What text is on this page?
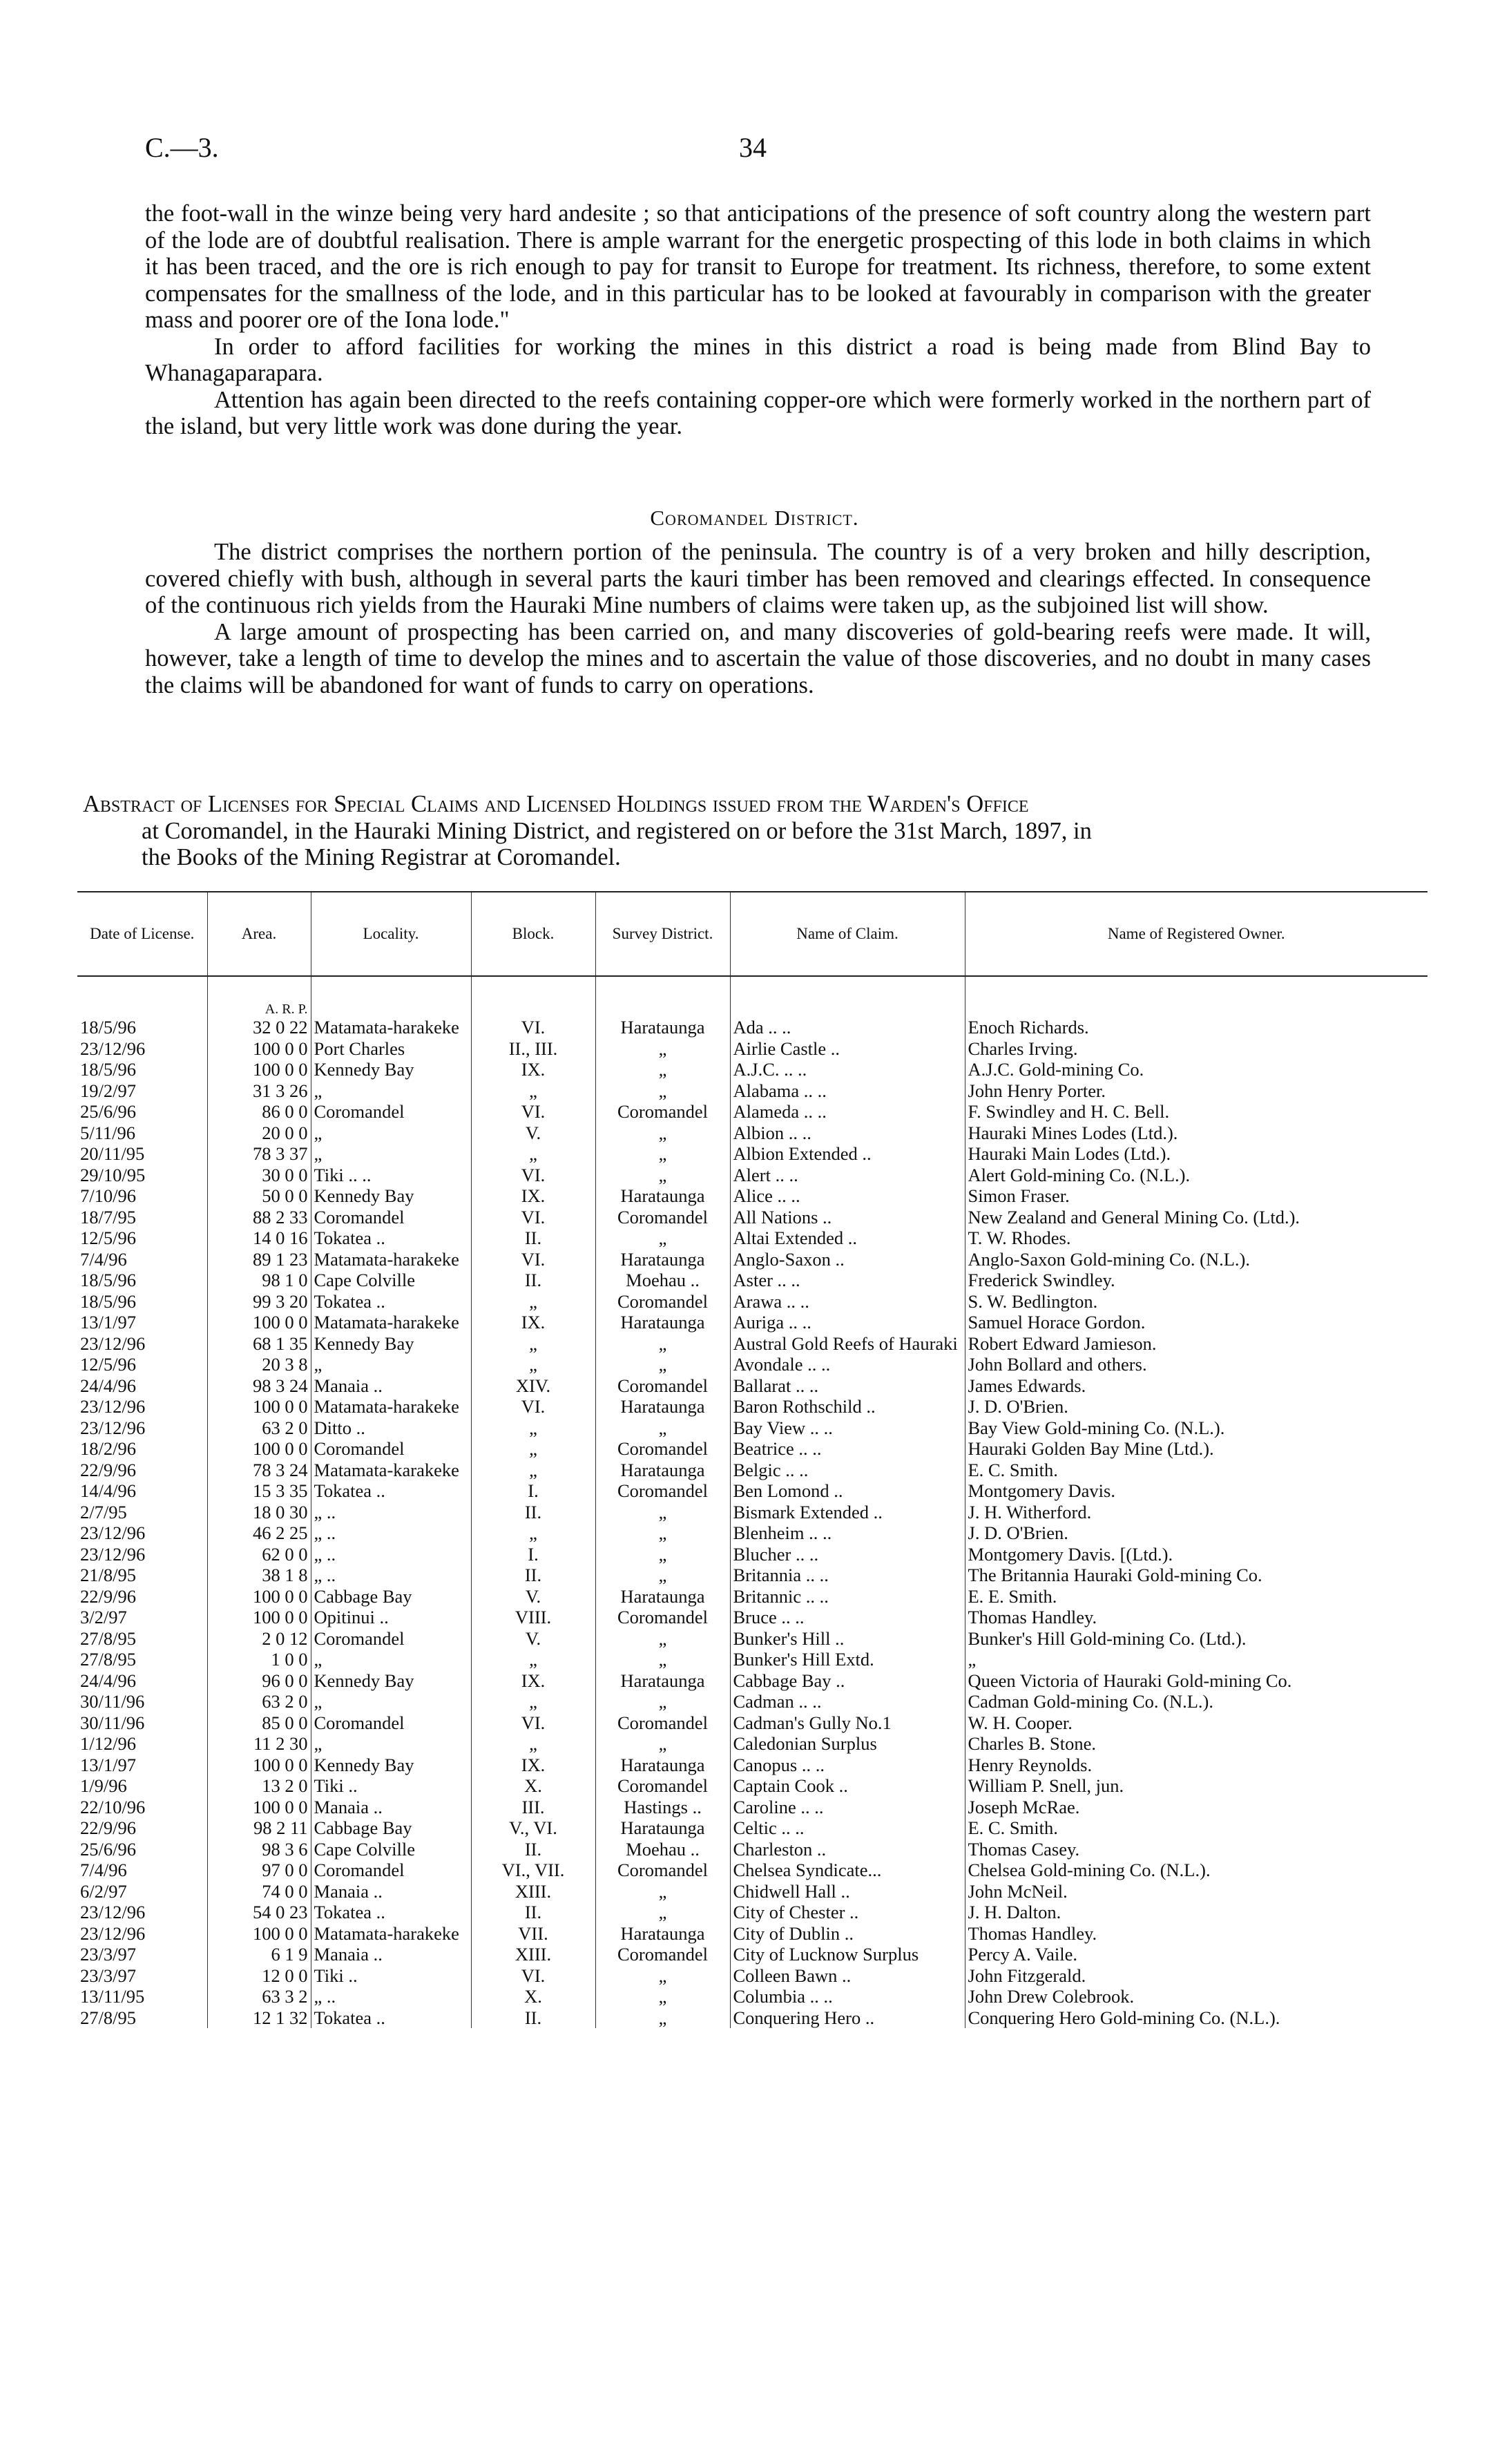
C.—3.	34

the foot-wall in the winze being very hard andesite ; so that anticipations of the presence of soft country along the western part of the lode are of doubtful realisation. There is ample warrant for the energetic prospecting of this lode in both claims in which it has been traced, and the ore is rich enough to pay for transit to Europe for treatment. Its richness, therefore, to some extent compensates for the smallness of the lode, and in this particular has to be looked at favourably in comparison with the greater mass and poorer ore of the Iona lode."

In order to afford facilities for working the mines in this district a road is being made from Blind Bay to Whanagaparapara.

Attention has again been directed to the reefs containing copper-ore which were formerly worked in the northern part of the island, but very little work was done during the year.

Coromandel District.

The district comprises the northern portion of the peninsula. The country is of a very broken and hilly description, covered chiefly with bush, although in several parts the kauri timber has been removed and clearings effected. In consequence of the continuous rich yields from the Hauraki Mine numbers of claims were taken up, as the subjoined list will show.

A large amount of prospecting has been carried on, and many discoveries of gold-bearing reefs were made. It will, however, take a length of time to develop the mines and to ascertain the value of those discoveries, and no doubt in many cases the claims will be abandoned for want of funds to carry on operations.

Abstract of Licenses for Special Claims and Licensed Holdings issued from the Warden's Office
at Coromandel, in the Hauraki Mining District, and registered on or before the 31st March, 1897, in
the Books of the Mining Registrar at Coromandel.
Date of License.	Area.	Locality.	Block.	Survey District.	Name of Claim.	Name of Registered Owner.

	A. R. P.					
18/5/96	32 0 22	Matamata-harakeke	VI.	Harataunga	Ada .. ..	Enoch Richards.
23/12/96	100 0 0	Port Charles	II., III.	„	Airlie Castle ..	Charles Irving.
18/5/96	100 0 0	Kennedy Bay	IX.	„	A.J.C. .. ..	A.J.C. Gold-mining Co.
19/2/97	31 3 26	„	„	„	Alabama .. ..	John Henry Porter.
25/6/96	86 0 0	Coromandel	VI.	Coromandel	Alameda .. ..	F. Swindley and H. C. Bell.
5/11/96	20 0 0	„	V.	„	Albion .. ..	Hauraki Mines Lodes (Ltd.).
20/11/95	78 3 37	„	„	„	Albion Extended ..	Hauraki Main Lodes (Ltd.).
29/10/95	30 0 0	Tiki .. ..	VI.	„	Alert .. ..	Alert Gold-mining Co. (N.L.).
7/10/96	50 0 0	Kennedy Bay	IX.	Harataunga	Alice .. ..	Simon Fraser.
18/7/95	88 2 33	Coromandel	VI.	Coromandel	All Nations ..	New Zealand and General Mining Co. (Ltd.).
12/5/96	14 0 16	Tokatea ..	II.	„	Altai Extended ..	T. W. Rhodes.
7/4/96	89 1 23	Matamata-harakeke	VI.	Harataunga	Anglo-Saxon ..	Anglo-Saxon Gold-mining Co. (N.L.).
18/5/96	98 1 0	Cape Colville	II.	Moehau ..	Aster .. ..	Frederick Swindley.
18/5/96	99 3 20	Tokatea ..	„	Coromandel	Arawa .. ..	S. W. Bedlington.
13/1/97	100 0 0	Matamata-harakeke	IX.	Harataunga	Auriga .. ..	Samuel Horace Gordon.
23/12/96	68 1 35	Kennedy Bay	„	„	Austral Gold Reefs of Hauraki	Robert Edward Jamieson.
12/5/96	20 3 8	„	„	„	Avondale .. ..	John Bollard and others.
24/4/96	98 3 24	Manaia ..	XIV.	Coromandel	Ballarat .. ..	James Edwards.
23/12/96	100 0 0	Matamata-harakeke	VI.	Harataunga	Baron Rothschild ..	J. D. O'Brien.
23/12/96	63 2 0	Ditto ..	„	„	Bay View .. ..	Bay View Gold-mining Co. (N.L.).
18/2/96	100 0 0	Coromandel	„	Coromandel	Beatrice .. ..	Hauraki Golden Bay Mine (Ltd.).
22/9/96	78 3 24	Matamata-karakeke	„	Harataunga	Belgic .. ..	E. C. Smith.
14/4/96	15 3 35	Tokatea ..	I.	Coromandel	Ben Lomond ..	Montgomery Davis.
2/7/95	18 0 30	„ ..	II.	„	Bismark Extended ..	J. H. Witherford.
23/12/96	46 2 25	„ ..	„	„	Blenheim .. ..	J. D. O'Brien.
23/12/96	62 0 0	„ ..	I.	„	Blucher .. ..	Montgomery Davis. [(Ltd.).
21/8/95	38 1 8	„ ..	II.	„	Britannia .. ..	The Britannia Hauraki Gold-mining Co.
22/9/96	100 0 0	Cabbage Bay	V.	Harataunga	Britannic .. ..	E. E. Smith.
3/2/97	100 0 0	Opitinui ..	VIII.	Coromandel	Bruce .. ..	Thomas Handley.
27/8/95	2 0 12	Coromandel	V.	„	Bunker's Hill ..	Bunker's Hill Gold-mining Co. (Ltd.).
27/8/95	1 0 0	„	„	„	Bunker's Hill Extd.	„
24/4/96	96 0 0	Kennedy Bay	IX.	Harataunga	Cabbage Bay ..	Queen Victoria of Hauraki Gold-mining Co.
30/11/96	63 2 0	„	„	„	Cadman .. ..	Cadman Gold-mining Co. (N.L.).
30/11/96	85 0 0	Coromandel	VI.	Coromandel	Cadman's Gully No.1	W. H. Cooper.
1/12/96	11 2 30	„	„	„	Caledonian Surplus	Charles B. Stone.
13/1/97	100 0 0	Kennedy Bay	IX.	Harataunga	Canopus .. ..	Henry Reynolds.
1/9/96	13 2 0	Tiki ..	X.	Coromandel	Captain Cook ..	William P. Snell, jun.
22/10/96	100 0 0	Manaia ..	III.	Hastings ..	Caroline .. ..	Joseph McRae.
22/9/96	98 2 11	Cabbage Bay	V., VI.	Harataunga	Celtic .. ..	E. C. Smith.
25/6/96	98 3 6	Cape Colville	II.	Moehau ..	Charleston ..	Thomas Casey.
7/4/96	97 0 0	Coromandel	VI., VII.	Coromandel	Chelsea Syndicate...	Chelsea Gold-mining Co. (N.L.).
6/2/97	74 0 0	Manaia ..	XIII.	„	Chidwell Hall ..	John McNeil.
23/12/96	54 0 23	Tokatea ..	II.	„	City of Chester ..	J. H. Dalton.
23/12/96	100 0 0	Matamata-harakeke	VII.	Harataunga	City of Dublin ..	Thomas Handley.
23/3/97	6 1 9	Manaia ..	XIII.	Coromandel	City of Lucknow Surplus	Percy A. Vaile.
23/3/97	12 0 0	Tiki ..	VI.	„	Colleen Bawn ..	John Fitzgerald.
13/11/95	63 3 2	„ ..	X.	„	Columbia .. ..	John Drew Colebrook.
27/8/95	12 1 32	Tokatea ..	II.	„	Conquering Hero ..	Conquering Hero Gold-mining Co. (N.L.).
